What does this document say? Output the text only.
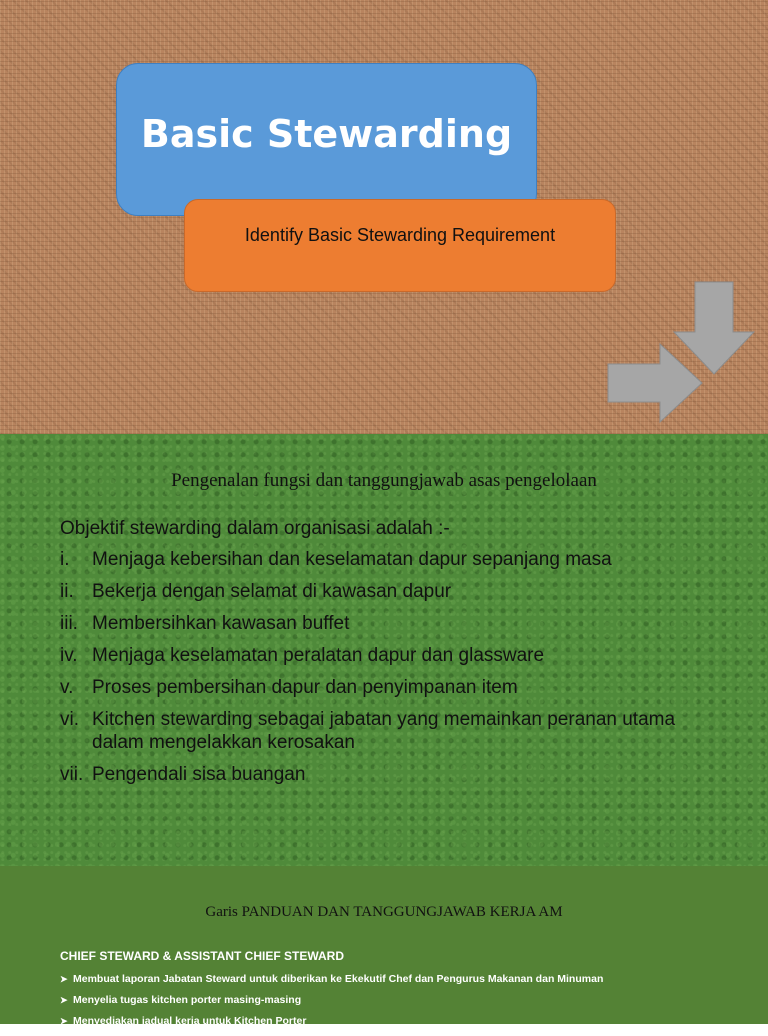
Basic Stewarding
Identify Basic Stewarding Requirement
Pengenalan fungsi dan tanggungjawab asas pengelolaan
Objektif stewarding dalam organisasi adalah :-
i.	Menjaga kebersihan dan keselamatan dapur sepanjang masa
ii. Bekerja dengan selamat di kawasan dapur
iii. Membersihkan kawasan buffet
iv. Menjaga keselamatan peralatan dapur dan glassware
v. Proses pembersihan dapur dan penyimpanan item
vi. Kitchen stewarding sebagai jabatan yang memainkan peranan utama dalam mengelakkan kerosakan
vii. Pengendali sisa buangan
Garis PANDUAN DAN TANGGUNGJAWAB KERJA AM
CHIEF STEWARD & ASSISTANT CHIEF STEWARD
➤ Membuat laporan Jabatan Steward untuk diberikan ke Ekekutif Chef dan Pengurus Makanan dan Minuman
➤ Menyelia tugas kitchen porter masing-masing
➤ Menyediakan jadual kerja untuk Kitchen Porter
